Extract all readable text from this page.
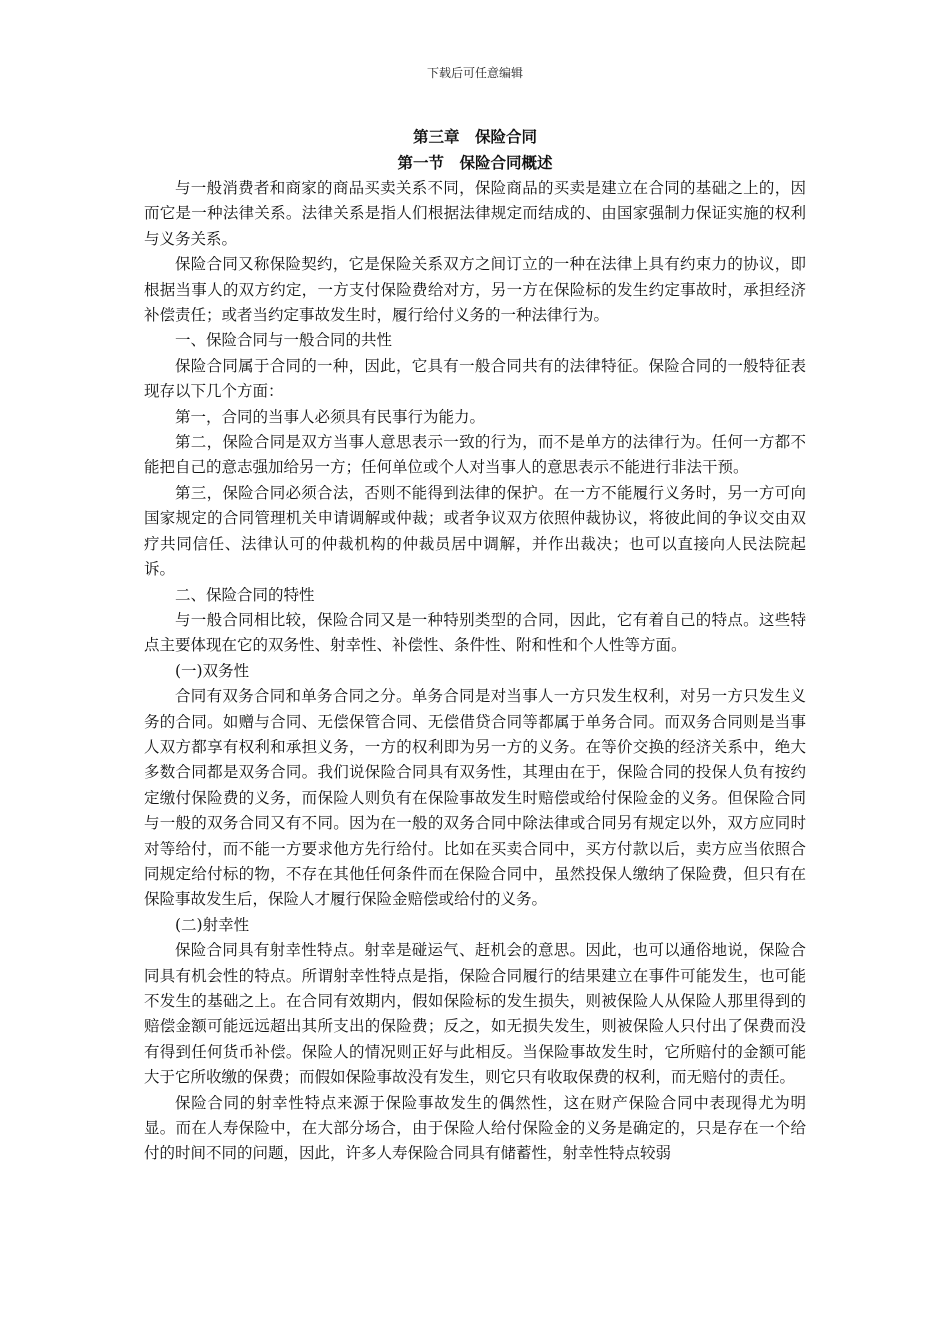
下载后可任意编辑
第三章　保险合同
第一节　保险合同概述

与一般消费者和商家的商品买卖关系不同，保险商品的买卖是建立在合同的基础之上的，因而它是一种法律关系。法律关系是指人们根据法律规定而结成的、由国家强制力保证实施的权利与义务关系。

保险合同又称保险契约，它是保险关系双方之间订立的一种在法律上具有约束力的协议，即根据当事人的双方约定，一方支付保险费给对方，另一方在保险标的发生约定事故时，承担经济补偿责任；或者当约定事故发生时，履行给付义务的一种法律行为。

一、保险合同与一般合同的共性

保险合同属于合同的一种，因此，它具有一般合同共有的法律特征。保险合同的一般特征表现存以下几个方面：

第一，合同的当事人必须具有民事行为能力。

第二，保险合同是双方当事人意思表示一致的行为，而不是单方的法律行为。任何一方都不能把自己的意志强加给另一方；任何单位或个人对当事人的意思表示不能进行非法干预。

第三，保险合同必须合法，否则不能得到法律的保护。在一方不能履行义务时，另一方可向国家规定的合同管理机关申请调解或仲裁；或者争议双方依照仲裁协议，将彼此间的争议交由双疗共同信任、法律认可的仲裁机构的仲裁员居中调解，并作出裁决；也可以直接向人民法院起诉。

二、保险合同的特性

与一般合同相比较，保险合同又是一种特别类型的合同，因此，它有着自己的特点。这些特点主要体现在它的双务性、射幸性、补偿性、条件性、附和性和个人性等方面。

(一)双务性

合同有双务合同和单务合同之分。单务合同是对当事人一方只发生权利，对另一方只发生义务的合同。如赠与合同、无偿保管合同、无偿借贷合同等都属于单务合同。而双务合同则是当事人双方都享有权利和承担义务，一方的权利即为另一方的义务。在等价交换的经济关系中，绝大多数合同都是双务合同。我们说保险合同具有双务性，其理由在于，保险合同的投保人负有按约定缴付保险费的义务，而保险人则负有在保险事故发生时赔偿或给付保险金的义务。但保险合同与一般的双务合同又有不同。因为在一般的双务合同中除法律或合同另有规定以外，双方应同时对等给付，而不能一方要求他方先行给付。比如在买卖合同中，买方付款以后，卖方应当依照合同规定给付标的物，不存在其他任何条件而在保险合同中，虽然投保人缴纳了保险费，但只有在保险事故发生后，保险人才履行保险金赔偿或给付的义务。

(二)射幸性

保险合同具有射幸性特点。射幸是碰运气、赶机会的意思。因此，也可以通俗地说，保险合同具有机会性的特点。所谓射幸性特点是指，保险合同履行的结果建立在事件可能发生，也可能不发生的基础之上。在合同有效期内，假如保险标的发生损失，则被保险人从保险人那里得到的赔偿金额可能远远超出其所支出的保险费；反之，如无损失发生，则被保险人只付出了保费而没有得到任何货币补偿。保险人的情况则正好与此相反。当保险事故发生时，它所赔付的金额可能大于它所收缴的保费；而假如保险事故没有发生，则它只有收取保费的权利，而无赔付的责任。

保险合同的射幸性特点来源于保险事故发生的偶然性，这在财产保险合同中表现得尤为明显。而在人寿保险中，在大部分场合，由于保险人给付保险金的义务是确定的，只是存在一个给付的时间不同的问题，因此，许多人寿保险合同具有储蓄性，射幸性特点较弱
